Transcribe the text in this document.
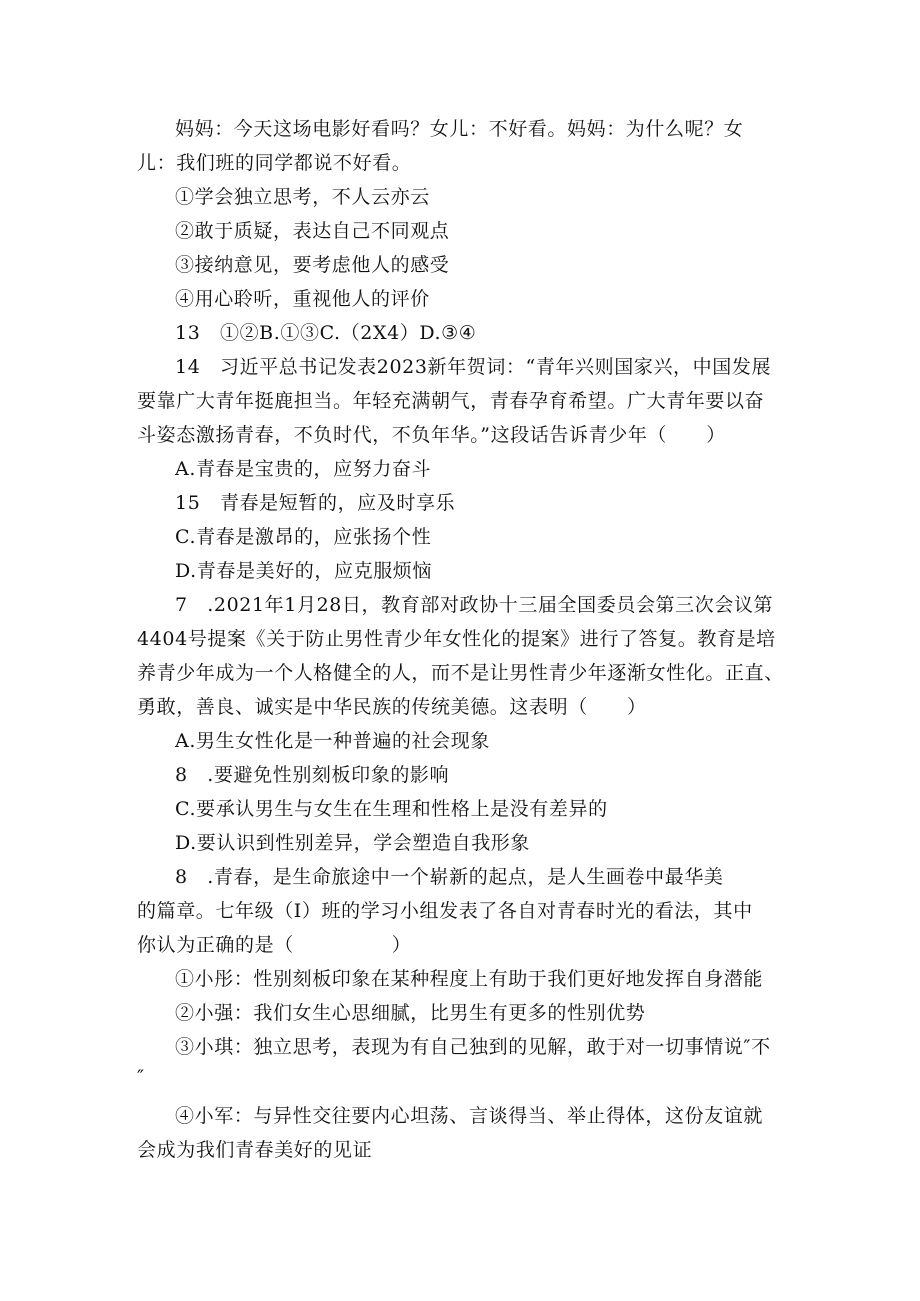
妈妈：今天这场电影好看吗？女儿：不好看。妈妈：为什么呢？女
儿：我们班的同学都说不好看。
①学会独立思考，不人云亦云
②敢于质疑，表达自己不同观点
③接纳意见，要考虑他人的感受
④用心聆听，重视他人的评价
13　①②B.①③C.（2X4）D.③④
14　习近平总书记发表2023新年贺词：“青年兴则国家兴，中国发展
要靠广大青年挺鹿担当。年轻充满朝气，青春孕育希望。广大青年要以奋
斗姿态激扬青春，不负时代，不负年华。”这段话告诉青少年（　　）
A.青春是宝贵的，应努力奋斗
15　青春是短暂的，应及时享乐
C.青春是激昂的，应张扬个性
D.青春是美好的，应克服烦恼
7　.2021年1月28日，教育部对政协十三届全国委员会第三次会议第
4404号提案《关于防止男性青少年女性化的提案》进行了答复。教育是培
养青少年成为一个人格健全的人，而不是让男性青少年逐渐女性化。正直、
勇敢，善良、诚实是中华民族的传统美德。这表明（　　）
A.男生女性化是一种普遍的社会现象
8　.要避免性别刻板印象的影响
C.要承认男生与女生在生理和性格上是没有差异的
D.要认识到性别差异，学会塑造自我形象
8　.青春，是生命旅途中一个崭新的起点，是人生画卷中最华美
的篇章。七年级（I）班的学习小组发表了各自对青春时光的看法，其中
你认为正确的是（　　　　　）
①小彤：性别刻板印象在某种程度上有助于我们更好地发挥自身潜能
②小强：我们女生心思细腻，比男生有更多的性别优势
③小琪：独立思考，表现为有自己独到的见解，敢于对一切事情说″不
″
④小军：与异性交往要内心坦荡、言谈得当、举止得体，这份友谊就
会成为我们青春美好的见证
